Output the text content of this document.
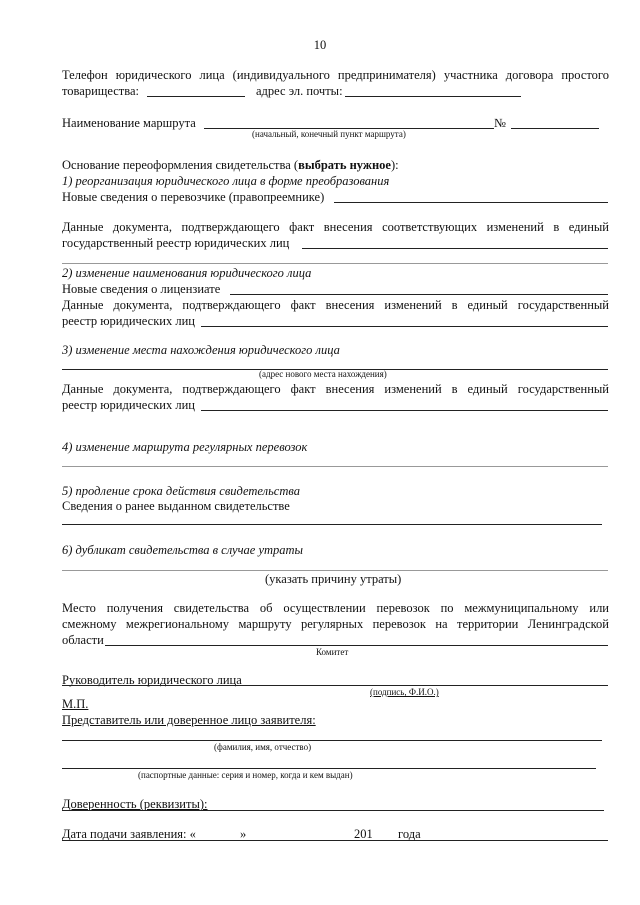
10
Телефон юридического лица (индивидуального предпринимателя) участника договора простого
товарищества:	адрес эл. почты:
Наименование маршрута	№
(начальный, конечный пункт маршрута)
Основание переоформления свидетельства (выбрать нужное):
1) реорганизация юридического лица в форме преобразования
Новые сведения о перевозчике (правопреемнике)
Данные документа, подтверждающего факт внесения соответствующих изменений в единый
государственный реестр юридических лиц
2) изменение наименования юридического лица
Новые сведения о лицензиате
Данные документа, подтверждающего факт внесения изменений в единый государственный
реестр юридических лиц
3) изменение места нахождения юридического лица
(адрес нового места нахождения)
Данные документа, подтверждающего факт внесения изменений в единый государственный
реестр юридических лиц
4) изменение маршрута регулярных перевозок
5) продление срока действия свидетельства
Сведения о ранее выданном свидетельстве
6) дубликат свидетельства в случае утраты
(указать причину утраты)
Место получения свидетельства об осуществлении перевозок по межмуниципальному или
смежному межрегиональному маршруту регулярных перевозок на территории Ленинградской
области
Комитет
Руководитель юридического лица
(подпись, Ф.И.О.)
М.П.
Представитель или доверенное лицо заявителя:
(фамилия, имя, отчество)
(паспортные данные: серия и номер, когда и кем выдан)
Доверенность (реквизиты):
Дата подачи заявления: «	»	201 года
